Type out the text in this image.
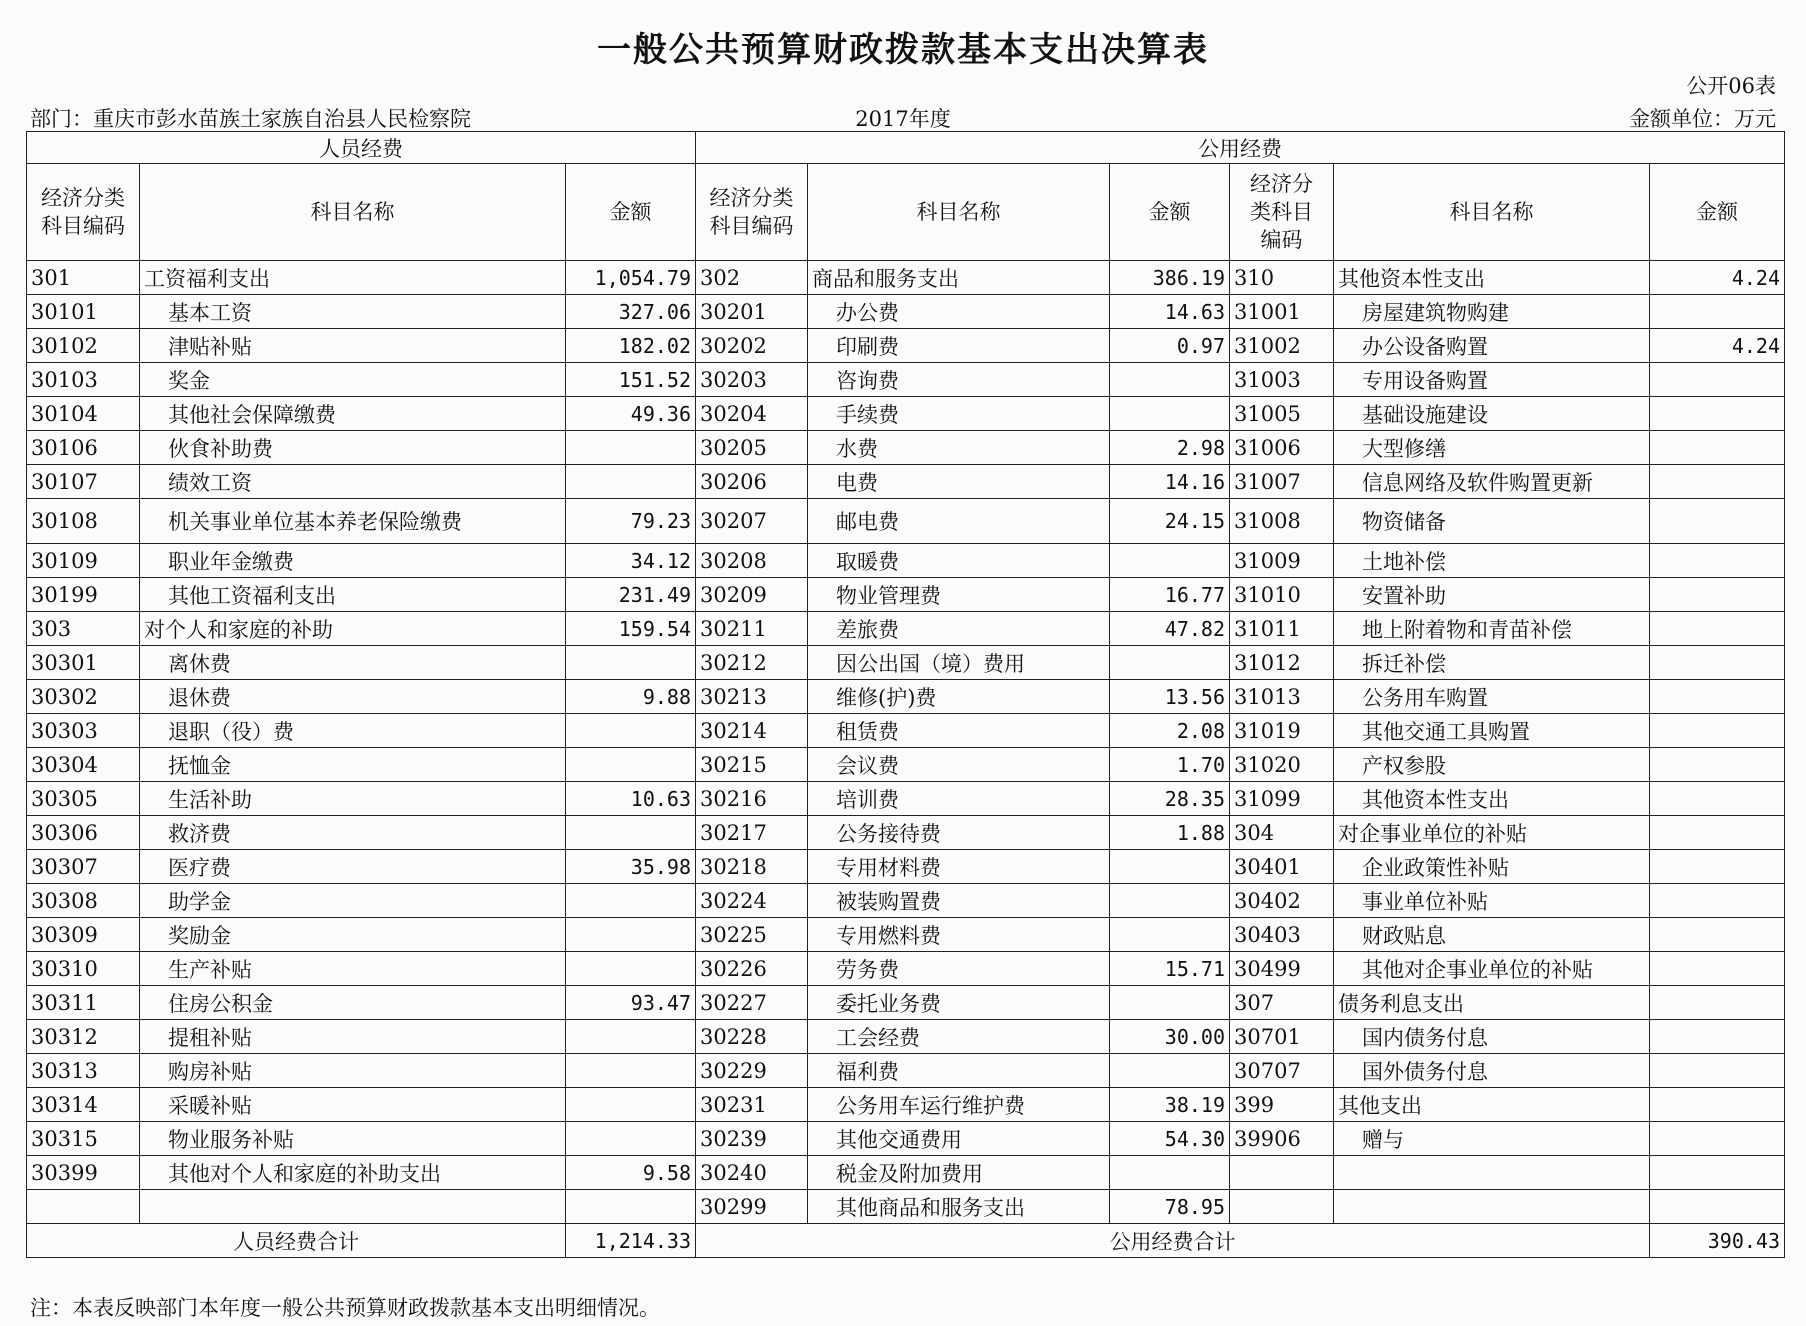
一般公共预算财政拨款基本支出决算表
公开06表
部门：重庆市彭水苗族土家族自治县人民检察院	2017年度	金额单位：万元
人员经费			公用经费					
经济分类科目编码	科目名称	金额	经济分类科目编码	科目名称	金额	经济分类科目编码	科目名称	金额
301	工资福利支出	1,054.79	302	商品和服务支出	386.19	310	其他资本性支出	4.24
30101	基本工资	327.06	30201	办公费	14.63	31001	房屋建筑物购建	
30102	津贴补贴	182.02	30202	印刷费	0.97	31002	办公设备购置	4.24
30103	奖金	151.52	30203	咨询费		31003	专用设备购置	
30104	其他社会保障缴费	49.36	30204	手续费		31005	基础设施建设	
30106	伙食补助费		30205	水费	2.98	31006	大型修缮	
30107	绩效工资		30206	电费	14.16	31007	信息网络及软件购置更新	
30108	机关事业单位基本养老保险缴费	79.23	30207	邮电费	24.15	31008	物资储备	
30109	职业年金缴费	34.12	30208	取暖费		31009	土地补偿	
30199	其他工资福利支出	231.49	30209	物业管理费	16.77	31010	安置补助	
303	对个人和家庭的补助	159.54	30211	差旅费	47.82	31011	地上附着物和青苗补偿	
30301	离休费		30212	因公出国（境）费用		31012	拆迁补偿	
30302	退休费	9.88	30213	维修(护)费	13.56	31013	公务用车购置	
30303	退职（役）费		30214	租赁费	2.08	31019	其他交通工具购置	
30304	抚恤金		30215	会议费	1.70	31020	产权参股	
30305	生活补助	10.63	30216	培训费	28.35	31099	其他资本性支出	
30306	救济费		30217	公务接待费	1.88	304	对企事业单位的补贴	
30307	医疗费	35.98	30218	专用材料费		30401	企业政策性补贴	
30308	助学金		30224	被装购置费		30402	事业单位补贴	
30309	奖励金		30225	专用燃料费		30403	财政贴息	
30310	生产补贴		30226	劳务费	15.71	30499	其他对企事业单位的补贴	
30311	住房公积金	93.47	30227	委托业务费		307	债务利息支出	
30312	提租补贴		30228	工会经费	30.00	30701	国内债务付息	
30313	购房补贴		30229	福利费		30707	国外债务付息	
30314	采暖补贴		30231	公务用车运行维护费	38.19	399	其他支出	
30315	物业服务补贴		30239	其他交通费用	54.30	39906	赠与	
30399	其他对个人和家庭的补助支出	9.58	30240	税金及附加费用				
			30299	其他商品和服务支出	78.95			
人员经费合计		1,214.33	公用经费合计					390.43
注：本表反映部门本年度一般公共预算财政拨款基本支出明细情况。
